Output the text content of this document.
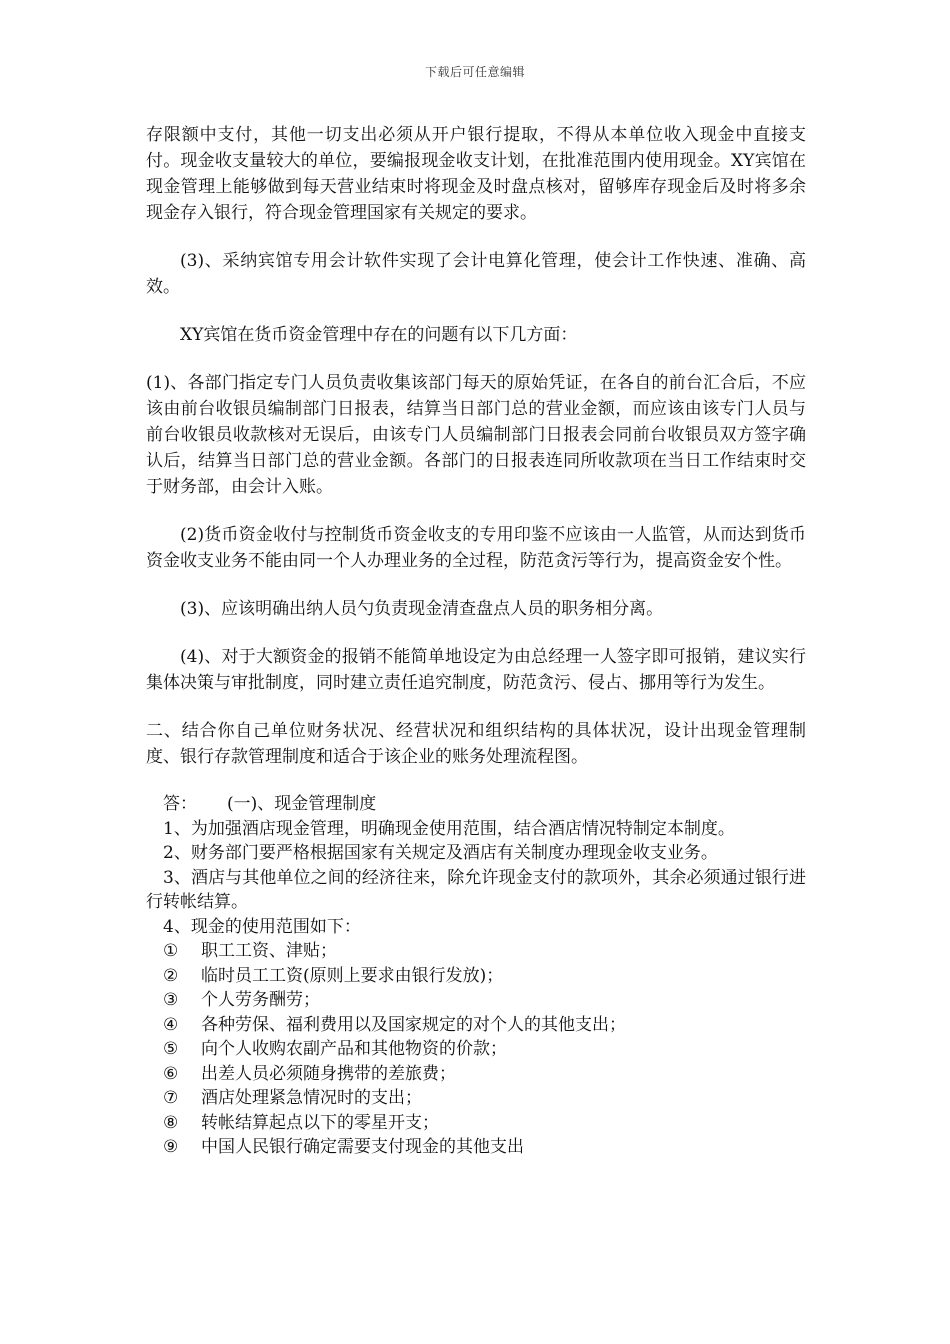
下载后可任意编辑

存限额中支付，其他一切支出必须从开户银行提取，不得从本单位收入现金中直接支付。现金收支量较大的单位，要编报现金收支计划，在批准范围内使用现金。XY宾馆在现金管理上能够做到每天营业结束时将现金及时盘点核对，留够库存现金后及时将多余现金存入银行，符合现金管理国家有关规定的要求。

(3)、采纳宾馆专用会计软件实现了会计电算化管理，使会计工作快速、准确、高效。

XY宾馆在货币资金管理中存在的问题有以下几方面：

(1)、各部门指定专门人员负责收集该部门每天的原始凭证，在各自的前台汇合后，不应该由前台收银员编制部门日报表，结算当日部门总的营业金额，而应该由该专门人员与前台收银员收款核对无误后，由该专门人员编制部门日报表会同前台收银员双方签字确认后，结算当日部门总的营业金额。各部门的日报表连同所收款项在当日工作结束时交于财务部，由会计入账。

(2)货币资金收付与控制货币资金收支的专用印鉴不应该由一人监管，从而达到货币资金收支业务不能由同一个人办理业务的全过程，防范贪污等行为，提高资金安个性。

(3)、应该明确出纳人员勺负责现金清查盘点人员的职务相分离。

(4)、对于大额资金的报销不能简单地设定为由总经理一人签字即可报销，建议实行集体决策与审批制度，同时建立责任追究制度，防范贪污、侵占、挪用等行为发生。

二、结合你自己单位财务状况、经营状况和组织结构的具体状况，设计出现金管理制度、银行存款管理制度和适合于该企业的账务处理流程图。

答： (一)、现金管理制度

1、为加强酒店现金管理，明确现金使用范围，结合酒店情况特制定本制度。

2、财务部门要严格根据国家有关规定及酒店有关制度办理现金收支业务。

3、酒店与其他单位之间的经济往来，除允许现金支付的款项外，其余必须通过银行进行转帐结算。

4、现金的使用范围如下：

① 职工工资、津贴；

② 临时员工工资(原则上要求由银行发放)；

③ 个人劳务酬劳；

④ 各种劳保、福利费用以及国家规定的对个人的其他支出；

⑤ 向个人收购农副产品和其他物资的价款；

⑥ 出差人员必须随身携带的差旅费；

⑦ 酒店处理紧急情况时的支出；

⑧ 转帐结算起点以下的零星开支；

⑨ 中国人民银行确定需要支付现金的其他支出
